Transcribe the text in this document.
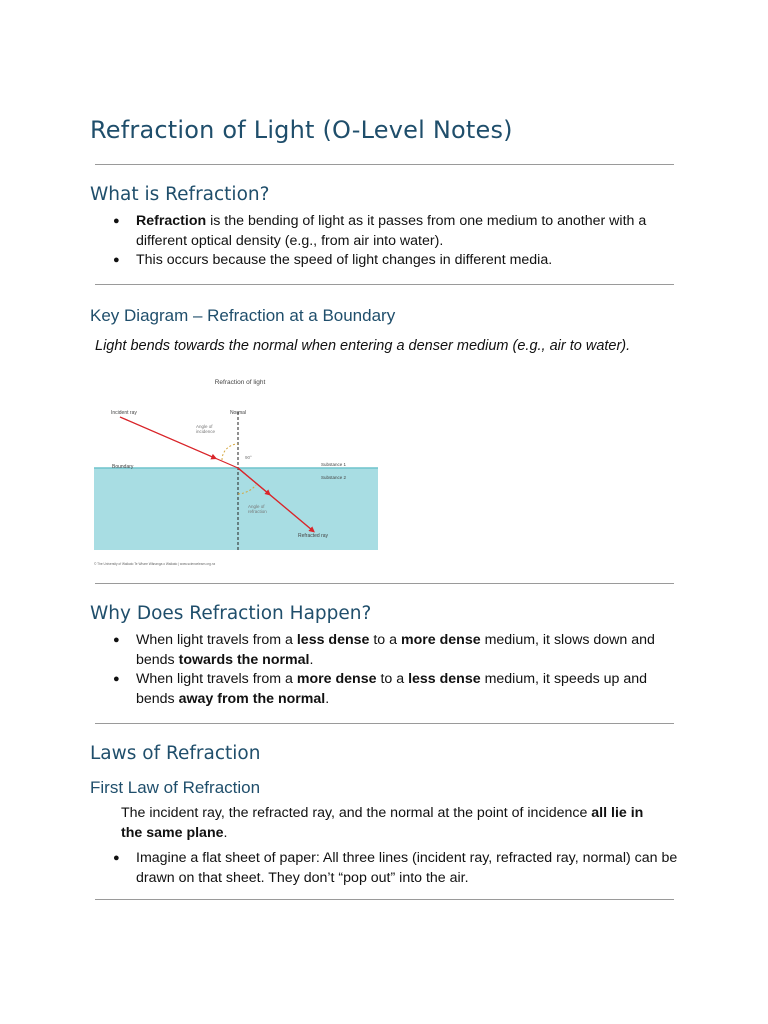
Refraction of Light (O-Level Notes)
What is Refraction?
● Refraction is the bending of light as it passes from one medium to another with a different optical density (e.g., from air into water).
● This occurs because the speed of light changes in different media.
Key Diagram – Refraction at a Boundary
Light bends towards the normal when entering a denser medium (e.g., air to water).
Refraction of light
Incident ray	Normal
Angle of
incidence
90°
Boundary	Substance 1
Substance 2
Angle of
refraction
Refracted ray
© The University of Waikato Te Whare Wānanga o Waikato | www.sciencelearn.org.nz
Why Does Refraction Happen?
● When light travels from a less dense to a more dense medium, it slows down and bends towards the normal.
● When light travels from a more dense to a less dense medium, it speeds up and bends away from the normal.
Laws of Refraction
First Law of Refraction
The incident ray, the refracted ray, and the normal at the point of incidence all lie in the same plane.
● Imagine a flat sheet of paper: All three lines (incident ray, refracted ray, normal) can be drawn on that sheet. They don’t “pop out” into the air.
